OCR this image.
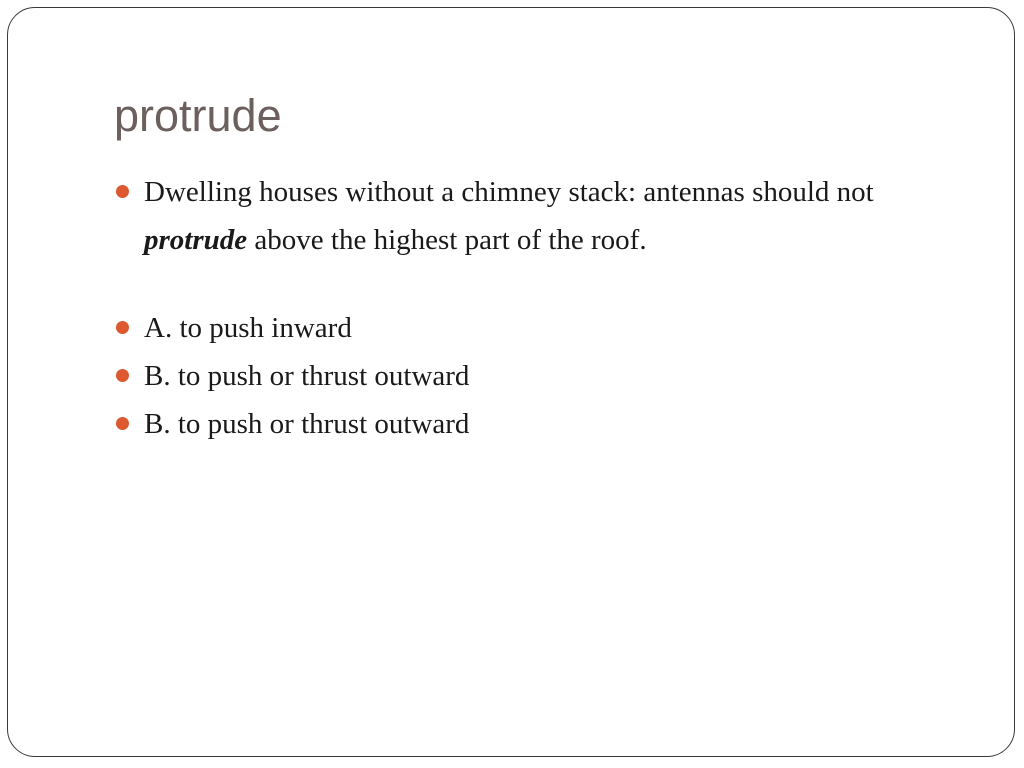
protrude
Dwelling houses without a chimney stack: antennas should not protrude above the highest part of the roof.
A. to push inward
B. to push or thrust outward
B. to push or thrust outward
